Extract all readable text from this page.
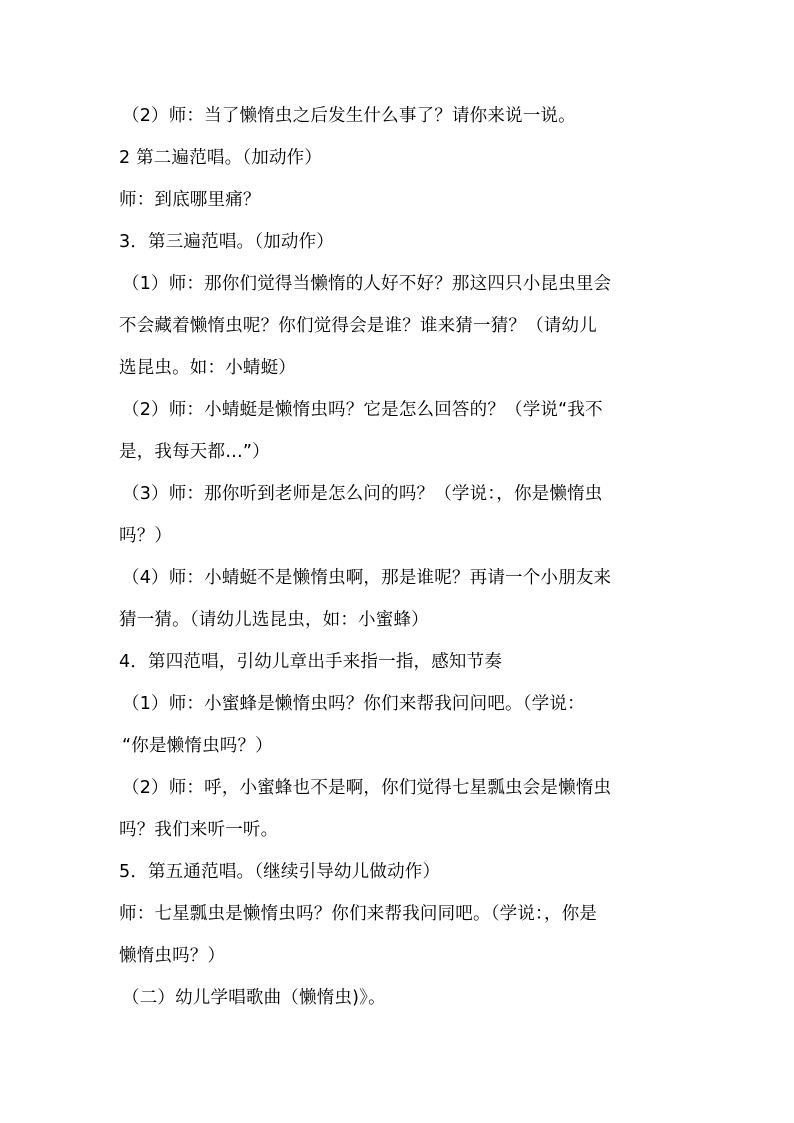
（2）师：当了懒惰虫之后发生什么事了？请你来说一说。
2 第二遍范唱。（加动作）
师：到底哪里痛？
3．第三遍范唱。（加动作）
（1）师：那你们觉得当懒惰的人好不好？那这四只小昆虫里会
不会藏着懒惰虫呢？你们觉得会是谁？谁来猜一猜？（请幼儿
选昆虫。如：小蜻蜓）
（2）师：小蜻蜓是懒惰虫吗？它是怎么回答的？（学说“我不
是，我每天都…”）
（3）师：那你听到老师是怎么问的吗？（学说：，你是懒惰虫
吗？）
（4）师：小蜻蜓不是懒惰虫啊，那是谁呢？再请一个小朋友来
猜一猜。（请幼儿选昆虫，如：小蜜蜂）
4．第四范唱，引幼儿章出手来指一指，感知节奏
（1）师：小蜜蜂是懒惰虫吗？你们来帮我问问吧。（学说：
“你是懒惰虫吗？）
（2）师：呼，小蜜蜂也不是啊，你们觉得七星瓢虫会是懒惰虫
吗？我们来听一听。
5．第五通范唱。（继续引导幼儿做动作）
师：七星瓢虫是懒惰虫吗？你们来帮我问同吧。（学说：，你是
懒惰虫吗？）
（二）幼儿学唱歌曲（懒惰虫)》。
